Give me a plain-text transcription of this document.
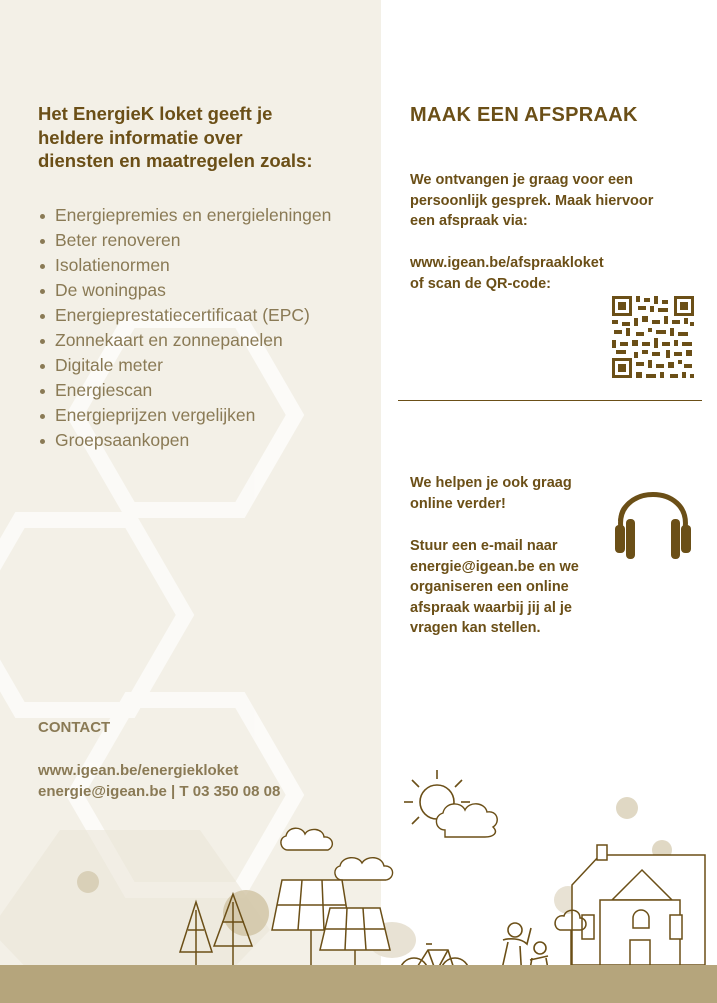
Het EnergieK loket geeft je
heldere informatie over
diensten en maatregelen zoals:

Energiepremies en energieleningen
Beter renoveren
Isolatienormen
De woningpas
Energieprestatiecertificaat (EPC)
Zonnekaart en zonnepanelen
Digitale meter
Energiescan
Energieprijzen vergelijken
Groepsaankopen
CONTACT
www.igean.be/energiekloket
energie@igean.be | T 03 350 08 08
MAAK EEN AFSPRAAK

We ontvangen je graag voor een
persoonlijk gesprek. Maak hiervoor
een afspraak via:

www.igean.be/afspraakloket
of scan de QR-code:

We helpen je ook graag
online verder!

Stuur een e-mail naar
energie@igean.be en we
organiseren een online
afspraak waarbij jij al je
vragen kan stellen.
